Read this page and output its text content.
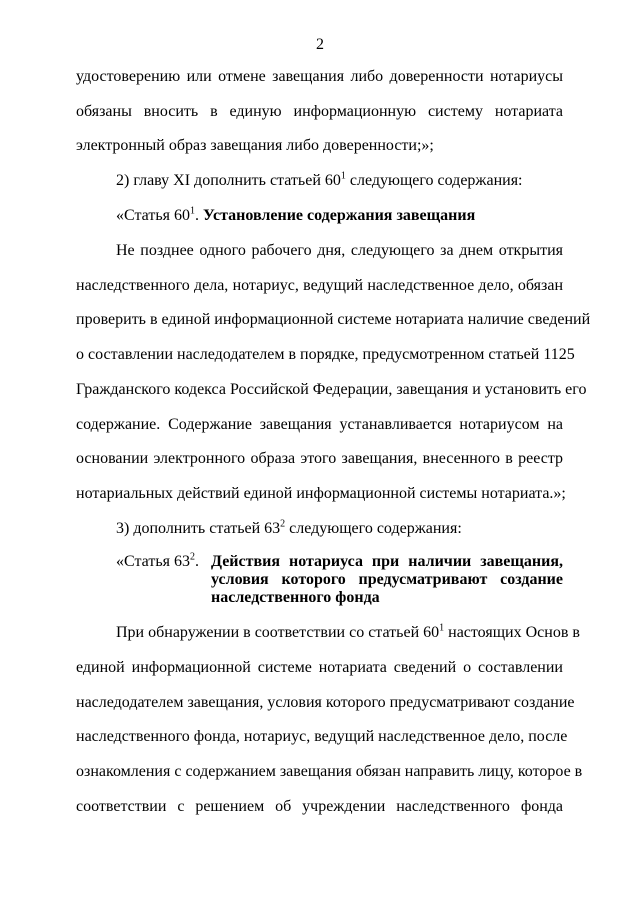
2
удостоверению или отмене завещания либо доверенности нотариусы
обязаны вносить в единую информационную систему нотариата
электронный образ завещания либо доверенности;»;
2) главу XI дополнить статьей $60^1$ следующего содержания:
«Статья $60^1$. Установление содержания завещания
Не позднее одного рабочего дня, следующего за днем открытия
наследственного дела, нотариус, ведущий наследственное дело, обязан
проверить в единой информационной системе нотариата наличие сведений
о составлении наследодателем в порядке, предусмотренном статьей 1125
Гражданского кодекса Российской Федерации, завещания и установить его
содержание. Содержание завещания устанавливается нотариусом на
основании электронного образа этого завещания, внесенного в реестр
нотариальных действий единой информационной системы нотариата.»;
3) дополнить статьей $63^2$ следующего содержания:
«Статья $63^2$. Действия нотариуса при наличии завещания,
условия которого предусматривают создание
наследственного фонда
При обнаружении в соответствии со статьей $60^1$ настоящих Основ в
единой информационной системе нотариата сведений о составлении
наследодателем завещания, условия которого предусматривают создание
наследственного фонда, нотариус, ведущий наследственное дело, после
ознакомления с содержанием завещания обязан направить лицу, которое в
соответствии с решением об учреждении наследственного фонда
